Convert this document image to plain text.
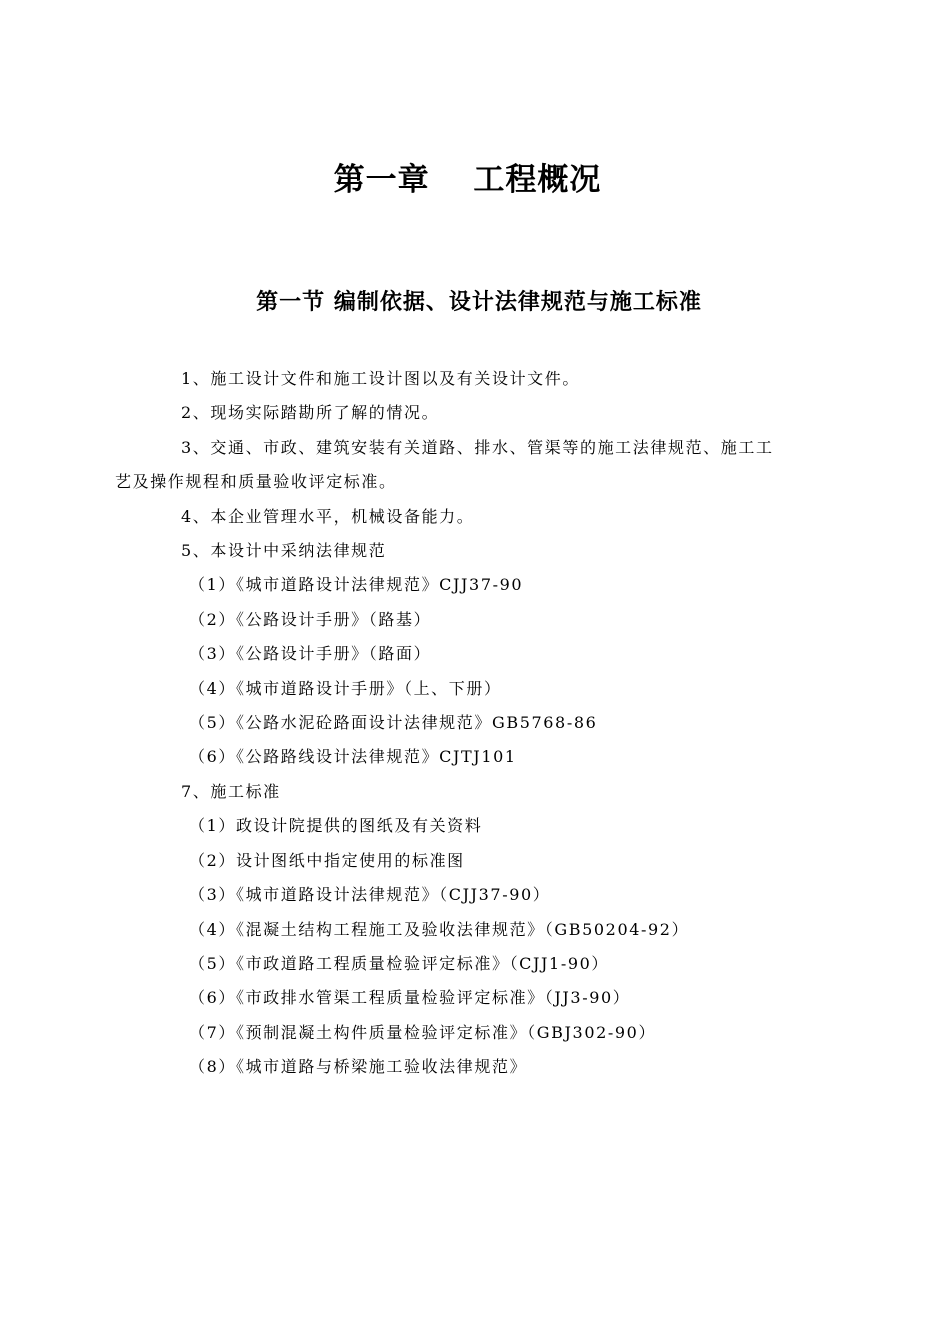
第一章　 工程概况
第一节 编制依据、设计法律规范与施工标准

1、施工设计文件和施工设计图以及有关设计文件。

2、现场实际踏勘所了解的情况。

3、交通、市政、建筑安装有关道路、排水、管渠等的施工法律规范、施工工
艺及操作规程和质量验收评定标准。

4、本企业管理水平，机械设备能力。

5、本设计中采纳法律规范

（1）《城市道路设计法律规范》CJJ37-90

（2）《公路设计手册》（路基）

（3）《公路设计手册》（路面）

（4）《城市道路设计手册》（上、下册）

（5）《公路水泥砼路面设计法律规范》GB5768-86

（6）《公路路线设计法律规范》CJTJ101

7、施工标准

（1）政设计院提供的图纸及有关资料

（2）设计图纸中指定使用的标准图

（3）《城市道路设计法律规范》（CJJ37-90）

（4）《混凝土结构工程施工及验收法律规范》（GB50204-92）

（5）《市政道路工程质量检验评定标准》（CJJ1-90）

（6）《市政排水管渠工程质量检验评定标准》（JJ3-90）

（7）《预制混凝土构件质量检验评定标准》（GBJ302-90）

（8）《城市道路与桥梁施工验收法律规范》
